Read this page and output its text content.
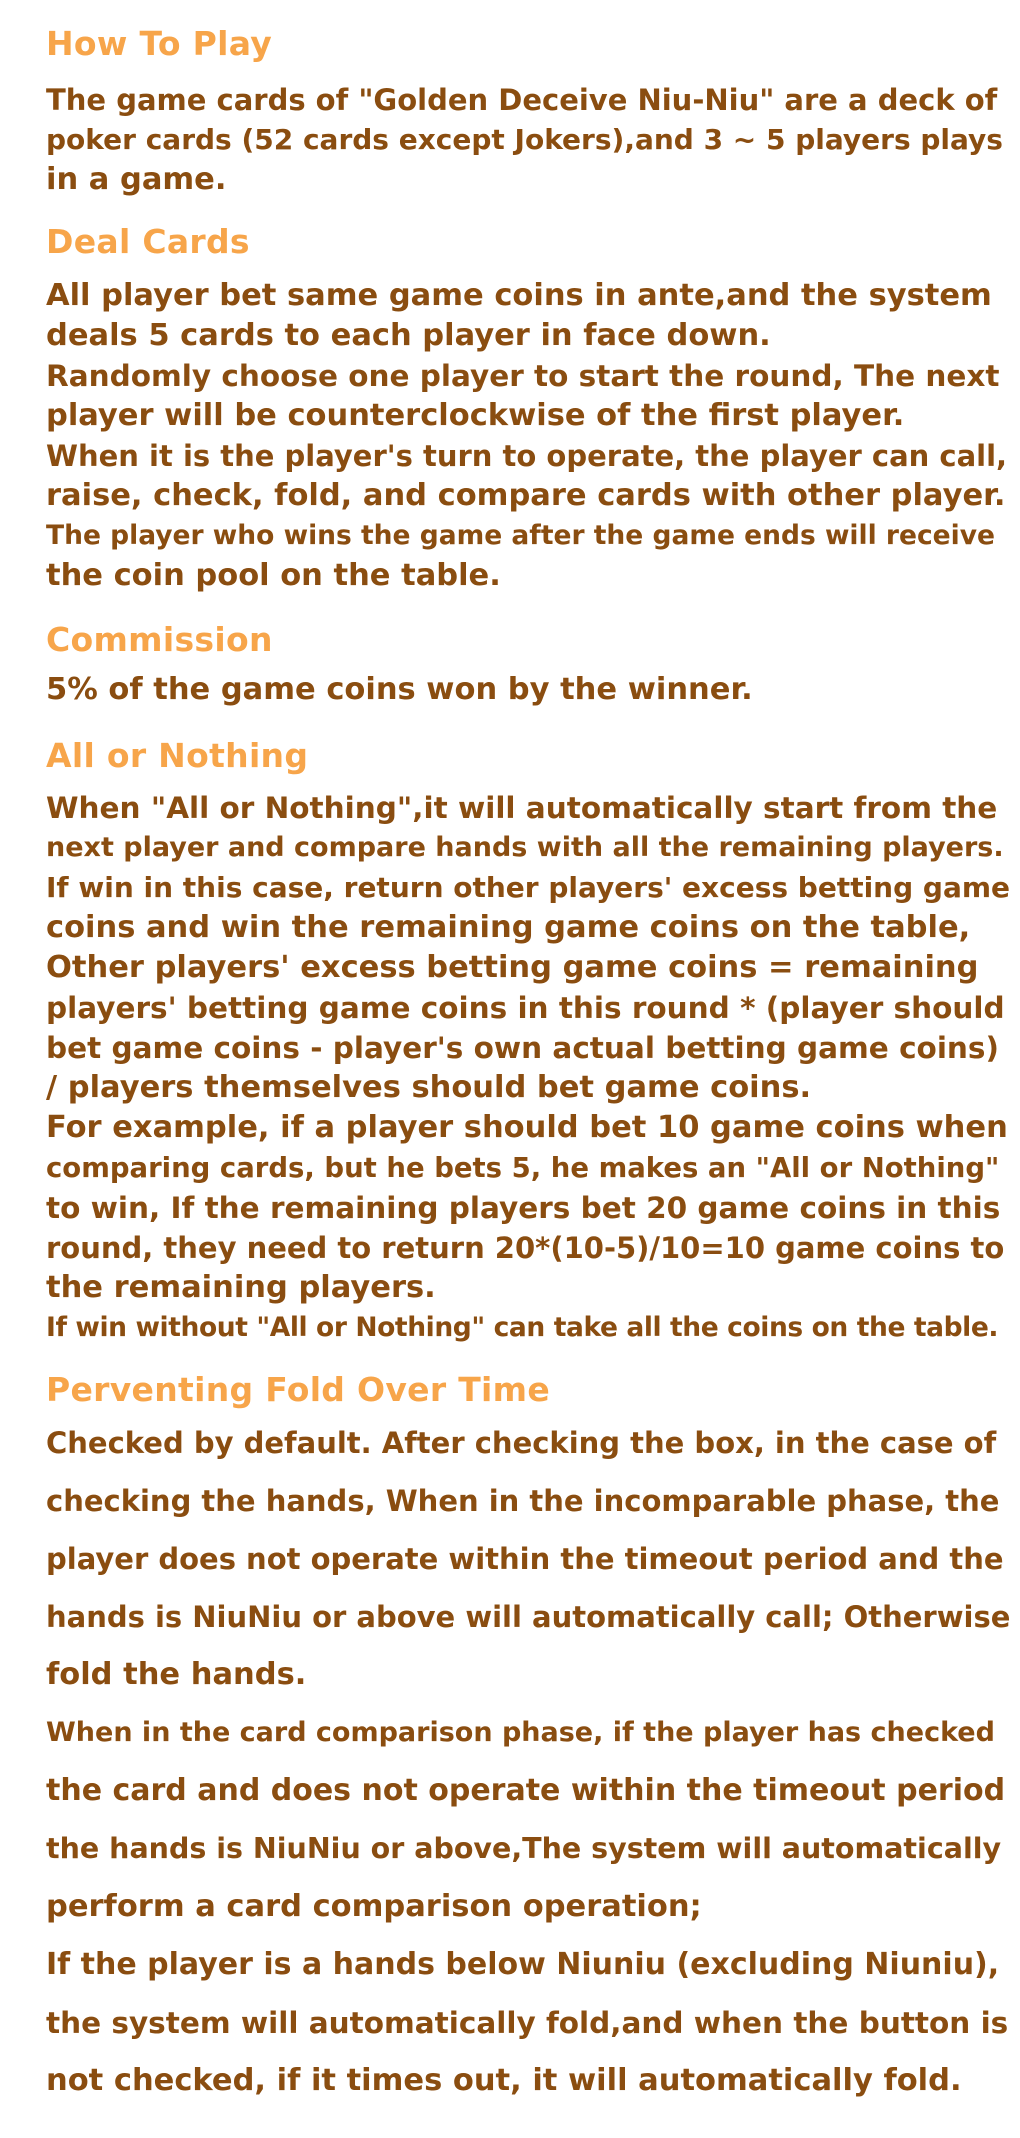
How To Play
The game cards of "Golden Deceive Niu-Niu" are a deck of
poker cards (52 cards except Jokers),and 3 ~ 5 players plays
in a game.
Deal Cards
All player bet same game coins in ante,and the system
deals 5 cards to each player in face down.
Randomly choose one player to start the round, The next
player will be counterclockwise of the first player.
When it is the player's turn to operate, the player can call,
raise, check, fold, and compare cards with other player.
The player who wins the game after the game ends will receive
the coin pool on the table.
Commission
5% of the game coins won by the winner.
All or Nothing
When "All or Nothing",it will automatically start from the
next player and compare hands with all the remaining players.
If win in this case, return other players' excess betting game
coins and win the remaining game coins on the table,
Other players' excess betting game coins = remaining
players' betting game coins in this round * (player should
bet game coins - player's own actual betting game coins)
/ players themselves should bet game coins.
For example, if a player should bet 10 game coins when
comparing cards, but he bets 5, he makes an "All or Nothing"
to win, If the remaining players bet 20 game coins in this
round, they need to return 20*(10-5)/10=10 game coins to
the remaining players.
If win without "All or Nothing" can take all the coins on the table.
Perventing Fold Over Time
Checked by default. After checking the box, in the case of
checking the hands, When in the incomparable phase, the
player does not operate within the timeout period and the
hands is NiuNiu or above will automatically call; Otherwise
fold the hands.
When in the card comparison phase, if the player has checked
the card and does not operate within the timeout period
the hands is NiuNiu or above,The system will automatically
perform a card comparison operation;
If the player is a hands below Niuniu (excluding Niuniu),
the system will automatically fold,and when the button is
not checked, if it times out, it will automatically fold.
